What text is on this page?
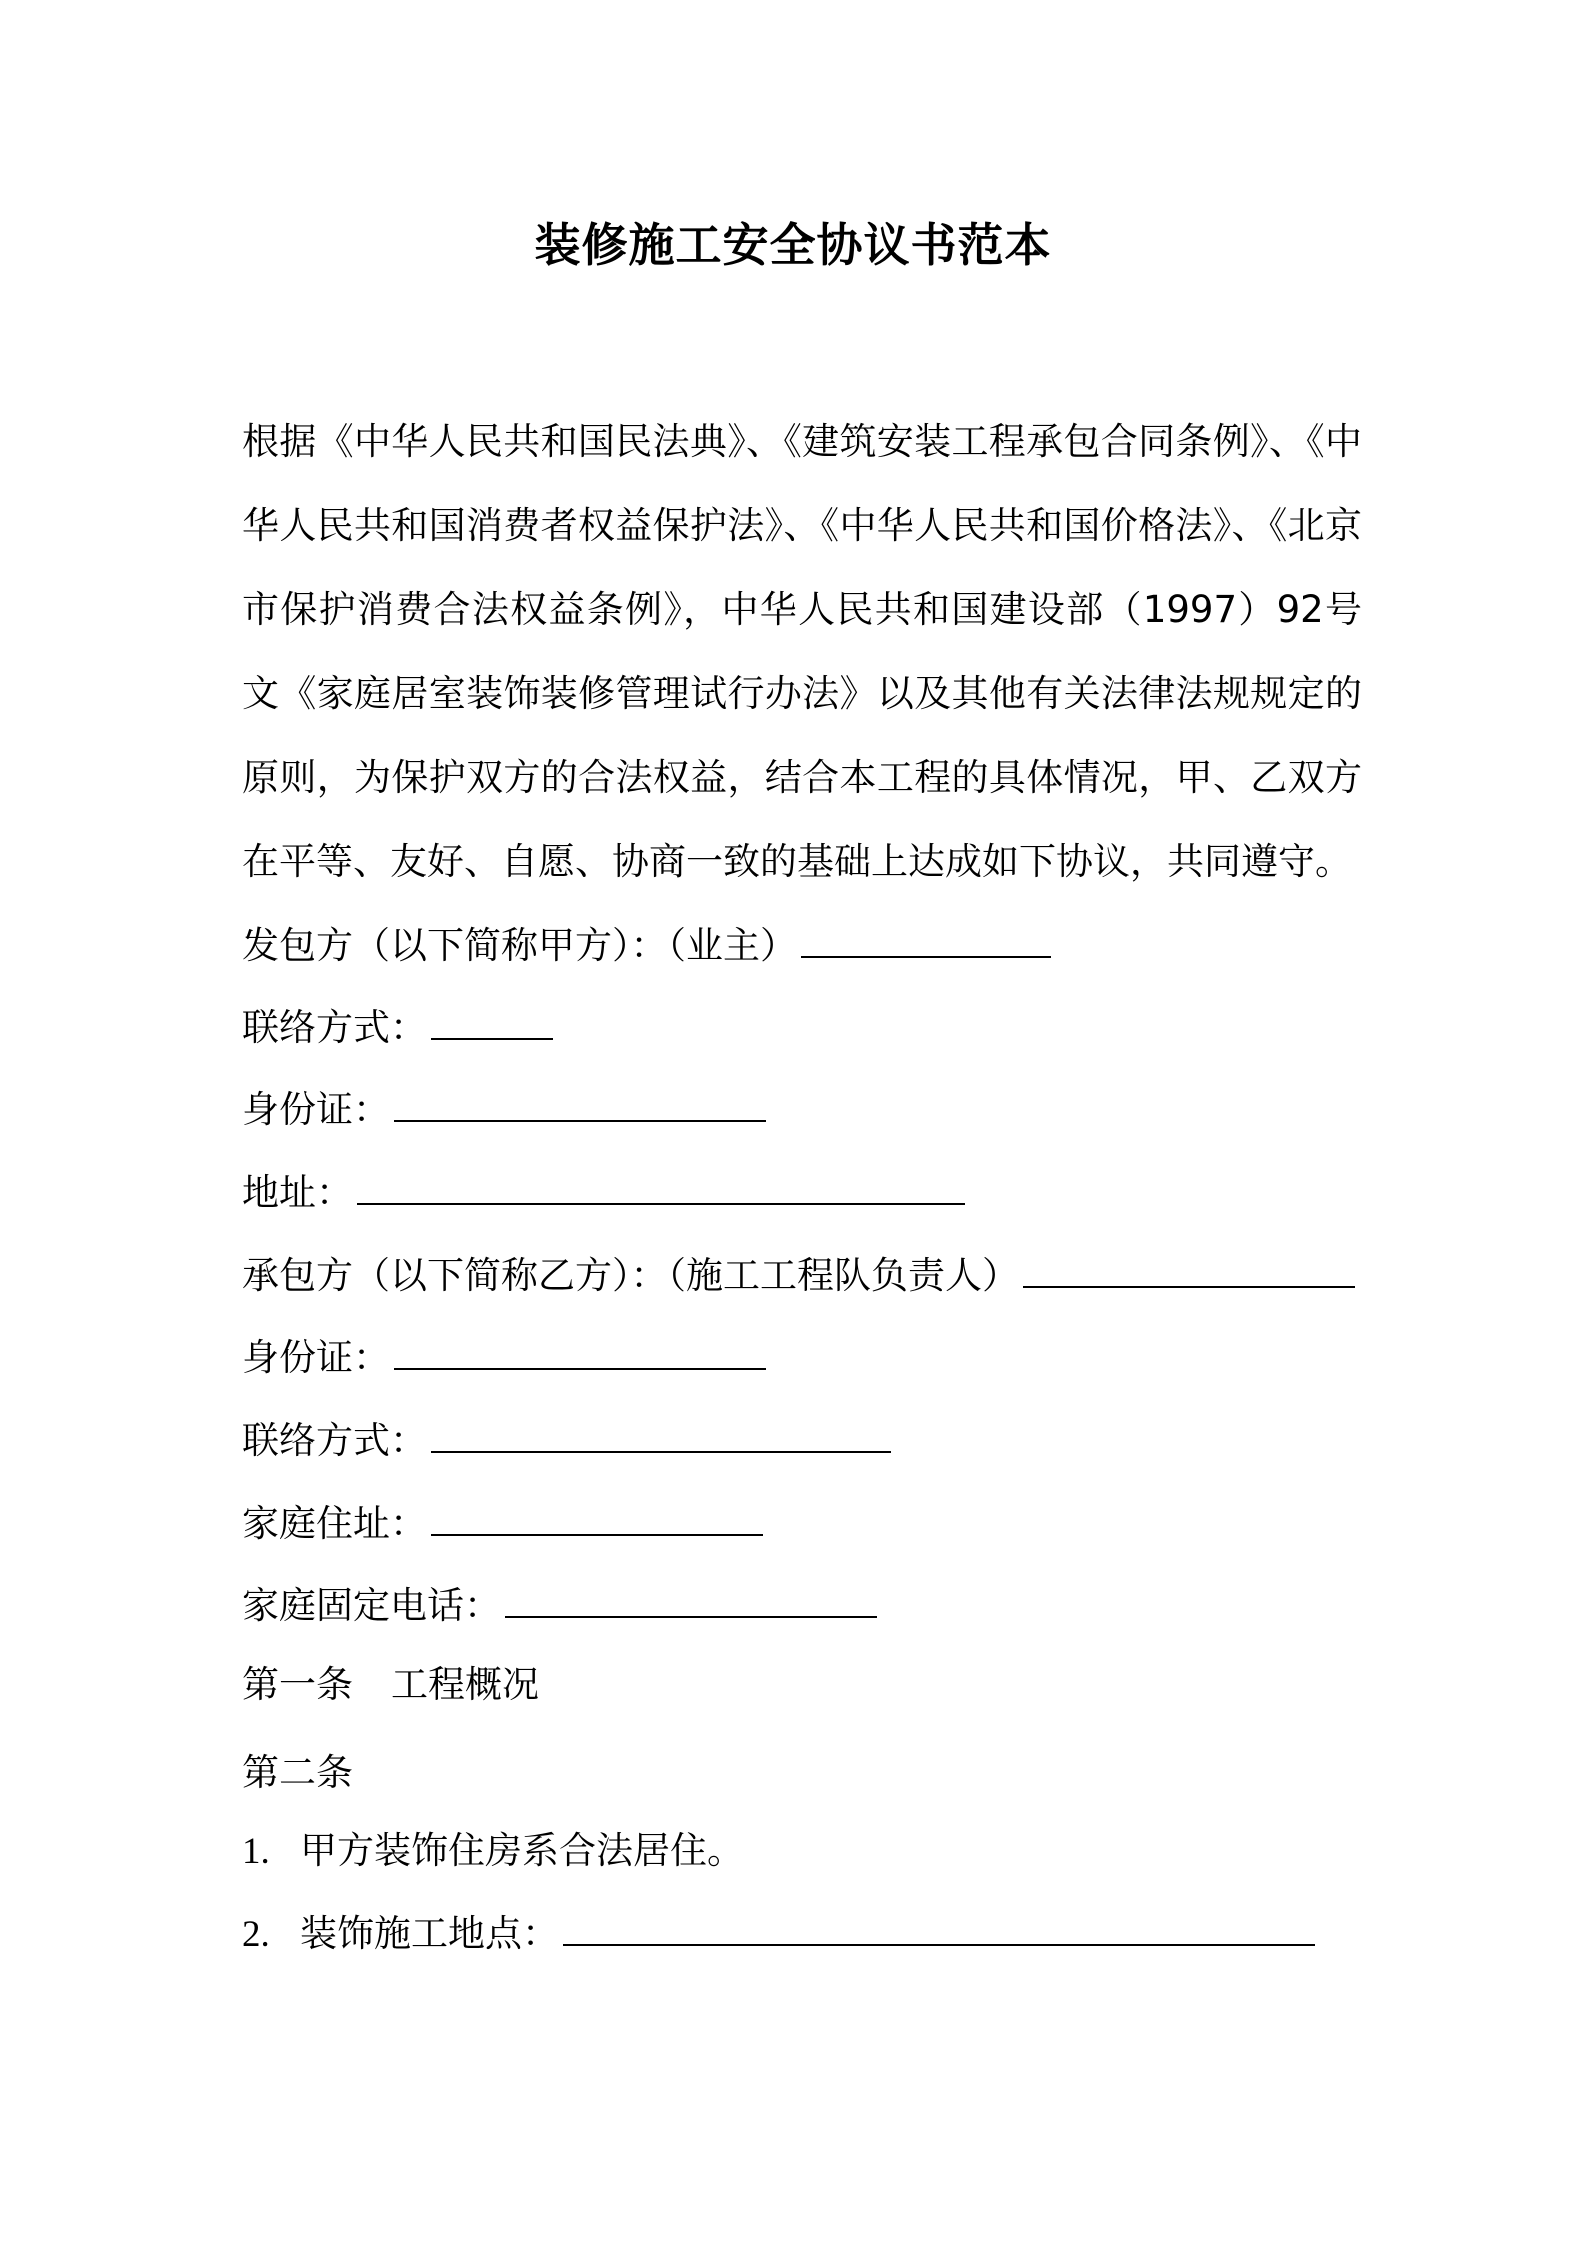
装修施工安全协议书范本
根据《中华人民共和国民法典》、《建筑安装工程承包合同条例》、《中华人民共和国消费者权益保护法》、《中华人民共和国价格法》、《北京市保护消费合法权益条例》，中华人民共和国建设部（1997）92号文《家庭居室装饰装修管理试行办法》以及其他有关法律法规规定的原则，为保护双方的合法权益，结合本工程的具体情况，甲、乙双方在平等、友好、自愿、协商一致的基础上达成如下协议，共同遵守。
发包方（以下简称甲方）：（业主）
联络方式：
身份证：
地址：
承包方（以下简称乙方）：（施工工程队负责人）
身份证：
联络方式：
家庭住址：
家庭固定电话：
第一条 工程概况
第二条
1. 甲方装饰住房系合法居住。
2. 装饰施工地点：
